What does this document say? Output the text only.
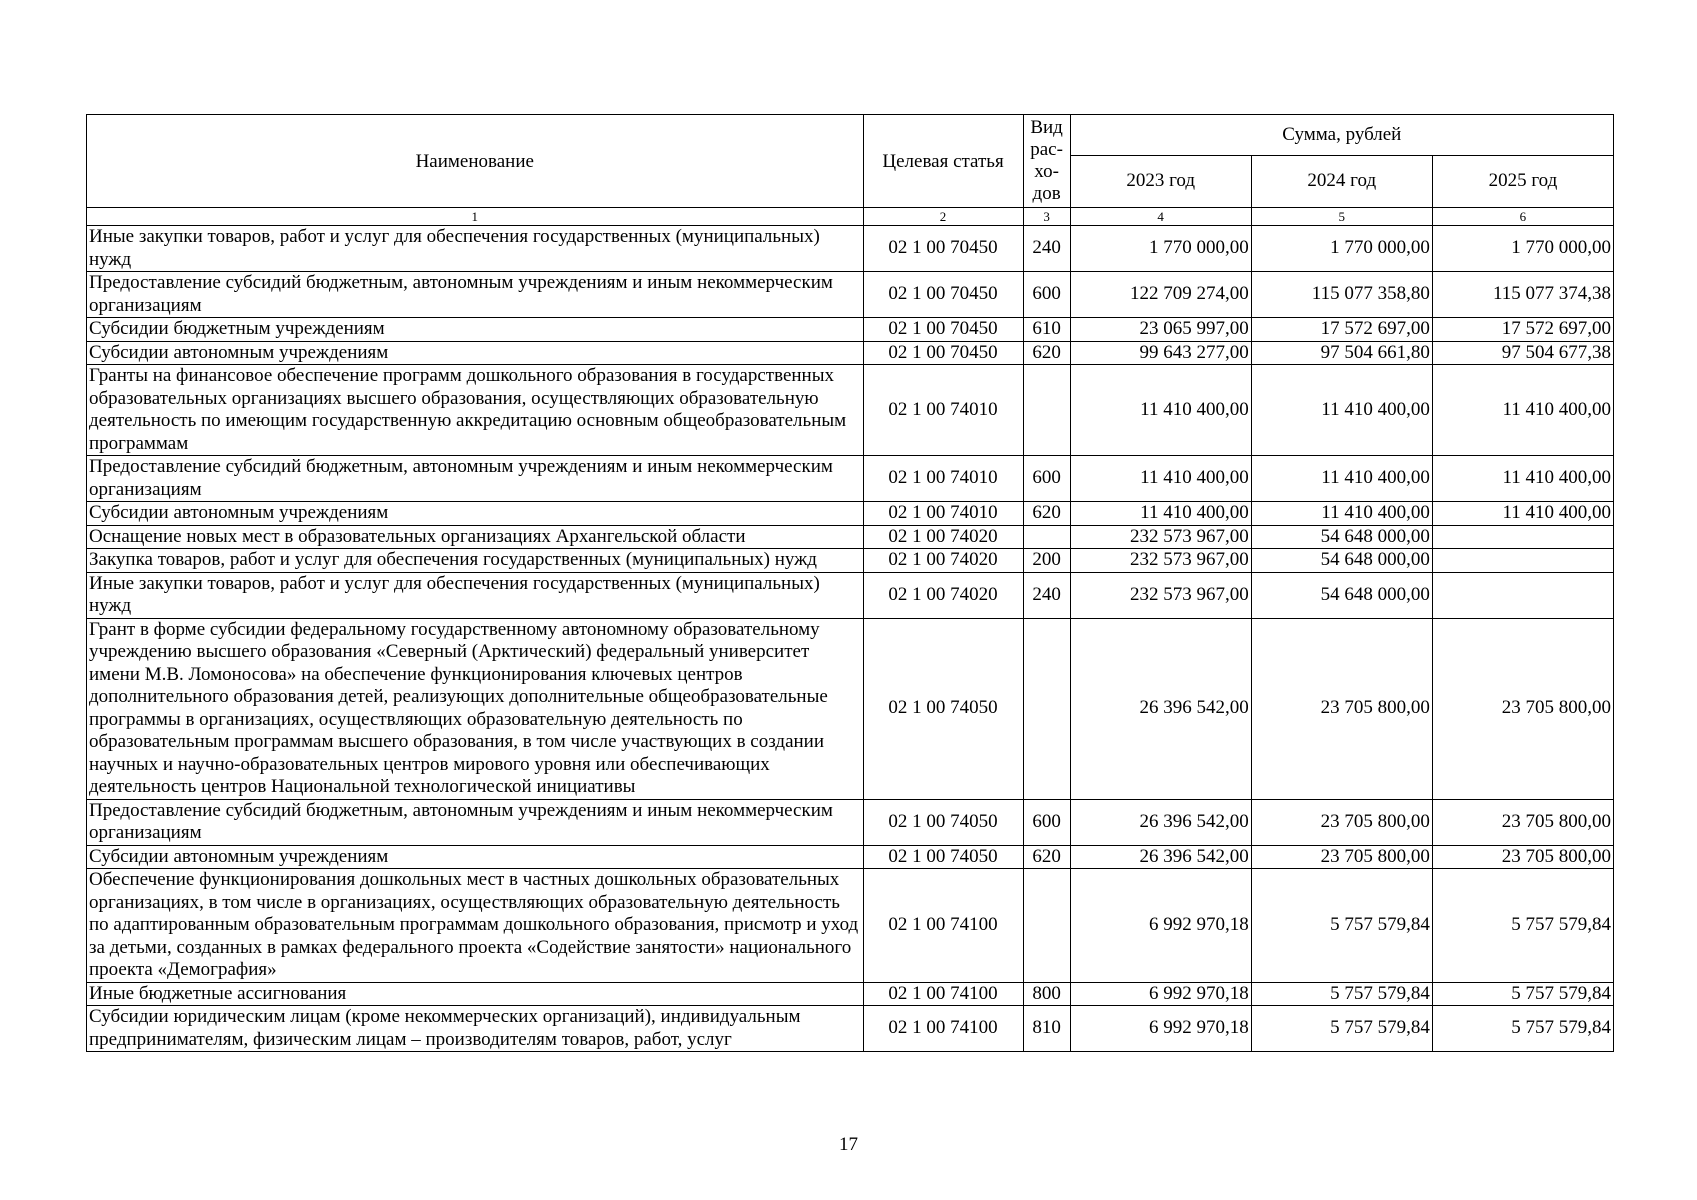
Наименование	Целевая статья	Вид
рас-
хо-
дов	Сумма, рублей		
			2023 год	2024 год	2025 год
1	2	3	4	5	6
Иные закупки товаров, работ и услуг для обеспечения государственных (муниципальных) нужд	02 1 00 70450	240	1 770 000,00	1 770 000,00	1 770 000,00
Предоставление субсидий бюджетным, автономным учреждениям и иным некоммерческим организациям	02 1 00 70450	600	122 709 274,00	115 077 358,80	115 077 374,38
Субсидии бюджетным учреждениям	02 1 00 70450	610	23 065 997,00	17 572 697,00	17 572 697,00
Субсидии автономным учреждениям	02 1 00 70450	620	99 643 277,00	97 504 661,80	97 504 677,38
Гранты на финансовое обеспечение программ дошкольного образования в государственных образовательных организациях высшего образования, осуществляющих образовательную деятельность по имеющим государственную аккредитацию основным общеобразовательным программам	02 1 00 74010		11 410 400,00	11 410 400,00	11 410 400,00
Предоставление субсидий бюджетным, автономным учреждениям и иным некоммерческим организациям	02 1 00 74010	600	11 410 400,00	11 410 400,00	11 410 400,00
Субсидии автономным учреждениям	02 1 00 74010	620	11 410 400,00	11 410 400,00	11 410 400,00
Оснащение новых мест в образовательных организациях Архангельской области	02 1 00 74020		232 573 967,00	54 648 000,00	
Закупка товаров, работ и услуг для обеспечения государственных (муниципальных) нужд	02 1 00 74020	200	232 573 967,00	54 648 000,00	
Иные закупки товаров, работ и услуг для обеспечения государственных (муниципальных) нужд	02 1 00 74020	240	232 573 967,00	54 648 000,00	
Грант в форме субсидии федеральному государственному автономному образовательному учреждению высшего образования «Северный (Арктический) федеральный университет имени М.В. Ломоносова» на обеспечение функционирования ключевых центров дополнительного образования детей, реализующих дополнительные общеобразовательные программы в организациях, осуществляющих образовательную деятельность по образовательным программам высшего образования, в том числе участвующих в создании научных и научно-образовательных центров мирового уровня или обеспечивающих деятельность центров Национальной технологической инициативы	02 1 00 74050		26 396 542,00	23 705 800,00	23 705 800,00
Предоставление субсидий бюджетным, автономным учреждениям и иным некоммерческим организациям	02 1 00 74050	600	26 396 542,00	23 705 800,00	23 705 800,00
Субсидии автономным учреждениям	02 1 00 74050	620	26 396 542,00	23 705 800,00	23 705 800,00
Обеспечение функционирования дошкольных мест в частных дошкольных образовательных организациях, в том числе в организациях, осуществляющих образовательную деятельность по адаптированным образовательным программам дошкольного образования, присмотр и уход за детьми, созданных в рамках федерального проекта «Содействие занятости» национального проекта «Демография»	02 1 00 74100		6 992 970,18	5 757 579,84	5 757 579,84
Иные бюджетные ассигнования	02 1 00 74100	800	6 992 970,18	5 757 579,84	5 757 579,84
Субсидии юридическим лицам (кроме некоммерческих организаций), индивидуальным предпринимателям, физическим лицам – производителям товаров, работ, услуг	02 1 00 74100	810	6 992 970,18	5 757 579,84	5 757 579,84
17
